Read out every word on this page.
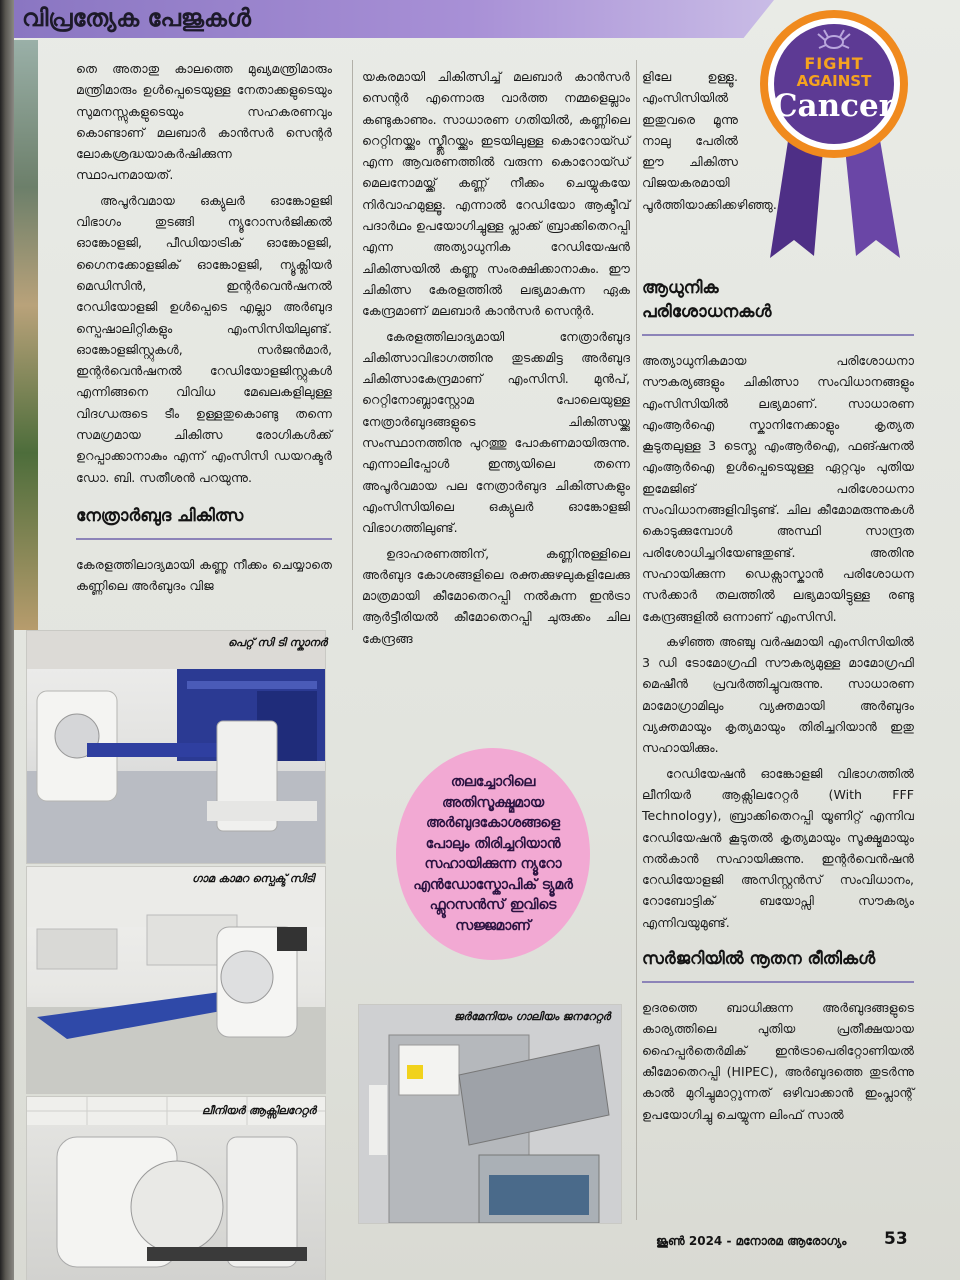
വിപ്രത്യേക പേജുകൾ

തെ അതാതു കാലത്തെ മുഖ്യമന്ത്രിമാരും മന്ത്രിമാരും ഉൾപ്പെടെയുള്ള നേതാക്കളുടെയും സുമനസ്സുകളുടെയും സഹകരണവും കൊണ്ടാണ് മലബാർ കാൻസർ സെന്റർ ലോകശ്രദ്ധയാകർഷിക്കുന്ന സ്ഥാപനമായത്.

അപൂർവമായ ഒക്യുലർ ഓങ്കോളജി വിഭാഗം തുടങ്ങി ന്യൂറോസർജിക്കൽ ഓങ്കോളജി, പീഡിയാട്രിക് ഓങ്കോളജി, ഗൈനക്കോളജിക് ഓങ്കോളജി, ന്യൂക്ലിയർ മെഡിസിൻ, ഇന്റർവെൻഷനൽ റേഡിയോളജി ഉൾപ്പെടെ എല്ലാ അർബുദ സ്പെഷാലിറ്റികളും എംസിസിയിലുണ്ട്. ഓങ്കോളജിസ്റ്റുകൾ, സർജൻമാർ, ഇന്റർവെൻഷനൽ റേഡിയോളജിസ്റ്റുകൾ എന്നിങ്ങനെ വിവിധ മേഖലകളിലുള്ള വിദഗ്ധരുടെ ടീം ഉള്ളതുകൊണ്ടു തന്നെ സമഗ്രമായ ചികിത്സ രോഗികൾക്ക് ഉറപ്പാക്കാനാകും എന്ന് എംസിസി ഡയറക്ടർ ഡോ. ബി. സതീശൻ പറയുന്നു.

നേത്രാർബുദ ചികിത്സ

കേരളത്തിലാദ്യമായി കണ്ണു നീക്കം ചെയ്യാതെ കണ്ണിലെ അർബുദം വിജ

യകരമായി ചികിത്സിച്ച് മലബാർ കാൻസർ സെന്റർ എന്നൊരു വാർത്ത നമ്മളെല്ലാം കണ്ടുകാണും. സാധാരണ ഗതിയിൽ, കണ്ണിലെ റെറ്റിനയ്ക്കും സ്ക്ലീറയ്ക്കും ഇടയിലുള്ള കൊറോയ്ഡ് എന്ന ആവരണത്തിൽ വരുന്ന കൊറോയ്ഡ് മെലനോമയ്ക്ക് കണ്ണ് നീക്കം ചെയ്യുകയേ നിർവാഹമുള്ളൂ. എന്നാൽ റേഡിയോ ആക്ടീവ് പദാർഥം ഉപയോഗിച്ചുള്ള പ്ലാക്ക് ബ്രാക്കിതെറപ്പി എന്ന അത്യാധുനിക റേഡിയേഷൻ ചികിത്സയിൽ കണ്ണു സംരക്ഷിക്കാനാകും. ഈ ചികിത്സ കേരളത്തിൽ ലഭ്യമാകുന്ന ഏക കേന്ദ്രമാണ് മലബാർ കാൻസർ സെന്റർ.

കേരളത്തിലാദ്യമായി നേത്രാർബുദ ചികിത്സാവിഭാഗത്തിനു തുടക്കമിട്ട അർബുദ ചികിത്സാകേന്ദ്രമാണ് എംസിസി. മുൻപ്, റെറ്റിനോബ്ലാസ്റ്റോമ പോലെയുള്ള നേത്രാർബുദങ്ങളുടെ ചികിത്സയ്ക്കു സംസ്ഥാനത്തിനു പുറത്തു പോകണമായിരുന്നു. എന്നാലിപ്പോൾ ഇന്ത്യയിലെ തന്നെ അപൂർവമായ പല നേത്രാർബുദ ചികിത്സകളും എംസിസിയിലെ ഒക്യുലർ ഓങ്കോളജി വിഭാഗത്തിലുണ്ട്.

ഉദാഹരണത്തിന്, കണ്ണിനുള്ളിലെ അർബുദ കോശങ്ങളിലെ രക്തക്കുഴലുകളിലേക്കു മാത്രമായി കീമോതെറപ്പി നൽകുന്ന ഇൻട്രാ ആർട്ടീരിയൽ കീമോതെറപ്പി ചുരുക്കം ചില കേന്ദ്രങ്ങ

ളിലേ ഉള്ളൂ. എംസിസിയിൽ ഇതുവരെ മൂന്നു നാലു പേരിൽ ഈ ചികിത്സ വിജയകരമായി പൂർത്തിയാക്കിക്കഴിഞ്ഞു.

FIGHT
AGAINST
Cancer
ആധുനിക പരിശോധനകൾ

അത്യാധുനികമായ പരിശോധനാ സൗകര്യങ്ങളും ചികിത്സാ സംവിധാനങ്ങളും എംസിസിയിൽ ലഭ്യമാണ്. സാധാരണ എംആർഐ സ്കാനിനേക്കാളും കൃത്യത കൂടുതലുള്ള 3 ടെസ്ല എംആർഐ, ഫങ്ഷനൽ എംആർഐ ഉൾപ്പെടെയുള്ള ഏറ്റവും പുതിയ ഇമേജിങ് പരിശോധനാ സംവിധാനങ്ങളിവിടുണ്ട്. ചില കീമോമരുന്നുകൾ കൊടുക്കുമ്പോൾ അസ്ഥി സാന്ദ്രത പരിശോധിച്ചറിയേണ്ടതുണ്ട്. അതിനു സഹായിക്കുന്ന ഡെക്സാസ്കാൻ പരിശോധന സർക്കാർ തലത്തിൽ ലഭ്യമായിട്ടുള്ള രണ്ടു കേന്ദ്രങ്ങളിൽ ഒന്നാണ് എംസിസി.

കഴിഞ്ഞ അഞ്ചു വർഷമായി എംസിസിയിൽ 3 ഡി ടോമോഗ്രഫി സൗകര്യമുള്ള മാമോഗ്രഫി മെഷീൻ പ്രവർത്തിച്ചുവരുന്നു. സാധാരണ മാമോഗ്രാമിലും വ്യക്തമായി അർബുദം വ്യക്തമായും കൃത്യമായും തിരിച്ചറിയാൻ ഇതു സഹായിക്കും.

റേഡിയേഷൻ ഓങ്കോളജി വിഭാഗത്തിൽ ലീനിയർ ആക്സിലറേറ്റർ (With FFF Technology), ബ്രാക്കിതെറപ്പി യൂണിറ്റ് എന്നിവ റേഡിയേഷൻ കൂടുതൽ കൃത്യമായും സൂക്ഷ്മമായും നൽകാൻ സഹായിക്കുന്നു. ഇന്റർവെൻഷൻ റേഡിയോളജി അസിസ്റ്റൻസ് സംവിധാനം, റോബോട്ടിക് ബയോപ്സി സൗകര്യം എന്നിവയുമുണ്ട്.

സർജറിയിൽ നൂതന രീതികൾ

ഉദരത്തെ ബാധിക്കുന്ന അർബുദങ്ങളുടെ കാര്യത്തിലെ പുതിയ പ്രതീക്ഷയായ ഹൈപ്പർതെർമിക് ഇൻട്രാപെരിറ്റോണിയൽ കീമോതെറപ്പി (HIPEC), അർബുദത്തെ തുടർന്നു കാൽ മുറിച്ചുമാറ്റുന്നത് ഒഴിവാക്കാൻ ഇംപ്ലാന്റ് ഉപയോഗിച്ചു ചെയ്യുന്ന ലിംഫ് സാൽ

പെറ്റ് സി ടി സ്കാനർ
ഗാമ കാമറ സ്പെക്ട് സിടി
ലീനിയർ ആക്സിലറേറ്റർ
തലച്ചോറിലെ അതിസൂക്ഷ്മമായ അർബുദകോശങ്ങളെ പോലും തിരിച്ചറിയാൻ സഹായിക്കുന്ന ന്യൂറോ എൻഡോസ്കോപിക് ട്യൂമർ ഫ്ലൂറസൻസ് ഇവിടെ സജ്ജമാണ്
ജർമേനിയം ഗാലിയം ജനറേറ്റർ
ജൂൺ 2024 - മനോരമ ആരോഗ്യം 53
